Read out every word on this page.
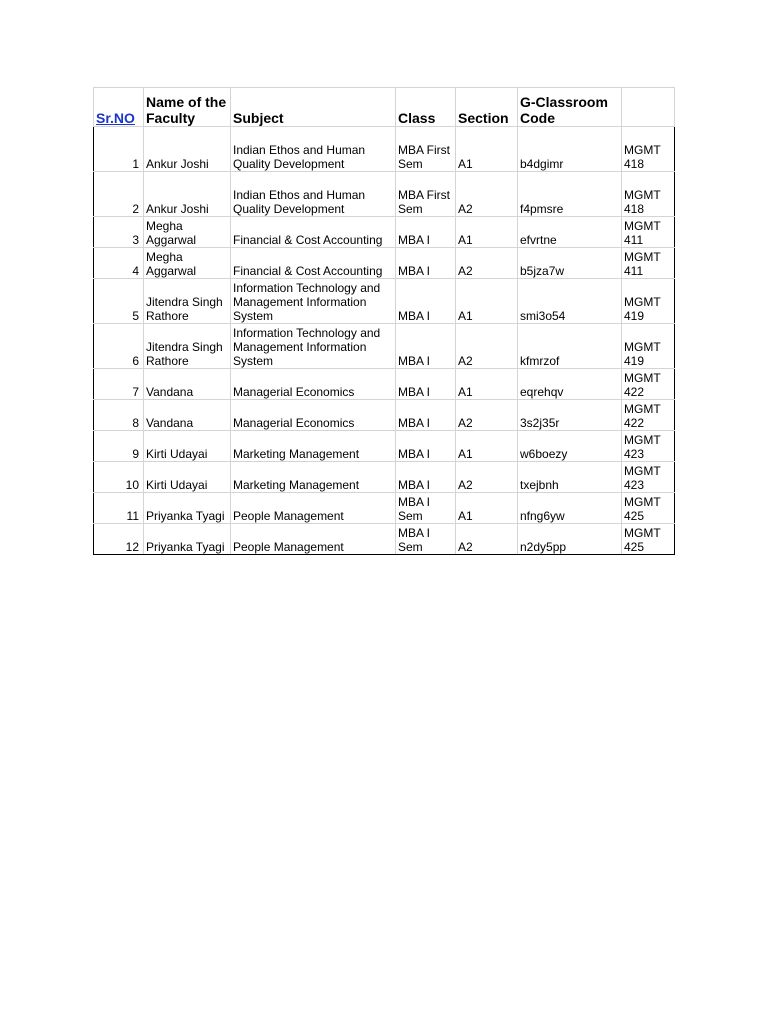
Sr.NO	Name of the Faculty	Subject	Class	Section	G-Classroom Code	
1	Ankur Joshi	Indian Ethos and Human Quality Development	MBA First Sem	A1	b4dgimr	MGMT 418
2	Ankur Joshi	Indian Ethos and Human Quality Development	MBA First Sem	A2	f4pmsre	MGMT 418
3	Megha Aggarwal	Financial & Cost Accounting	MBA I	A1	efvrtne	MGMT 411
4	Megha Aggarwal	Financial & Cost Accounting	MBA I	A2	b5jza7w	MGMT 411
5	Jitendra Singh Rathore	Information Technology and Management Information System	MBA I	A1	smi3o54	MGMT 419
6	Jitendra Singh Rathore	Information Technology and Management Information System	MBA I	A2	kfmrzof	MGMT 419
7	Vandana	Managerial Economics	MBA I	A1	eqrehqv	MGMT 422
8	Vandana	Managerial Economics	MBA I	A2	3s2j35r	MGMT 422
9	Kirti Udayai	Marketing Management	MBA I	A1	w6boezy	MGMT 423
10	Kirti Udayai	Marketing Management	MBA I	A2	txejbnh	MGMT 423
11	Priyanka Tyagi	People Management	MBA I Sem	A1	nfng6yw	MGMT 425
12	Priyanka Tyagi	People Management	MBA I Sem	A2	n2dy5pp	MGMT 425
